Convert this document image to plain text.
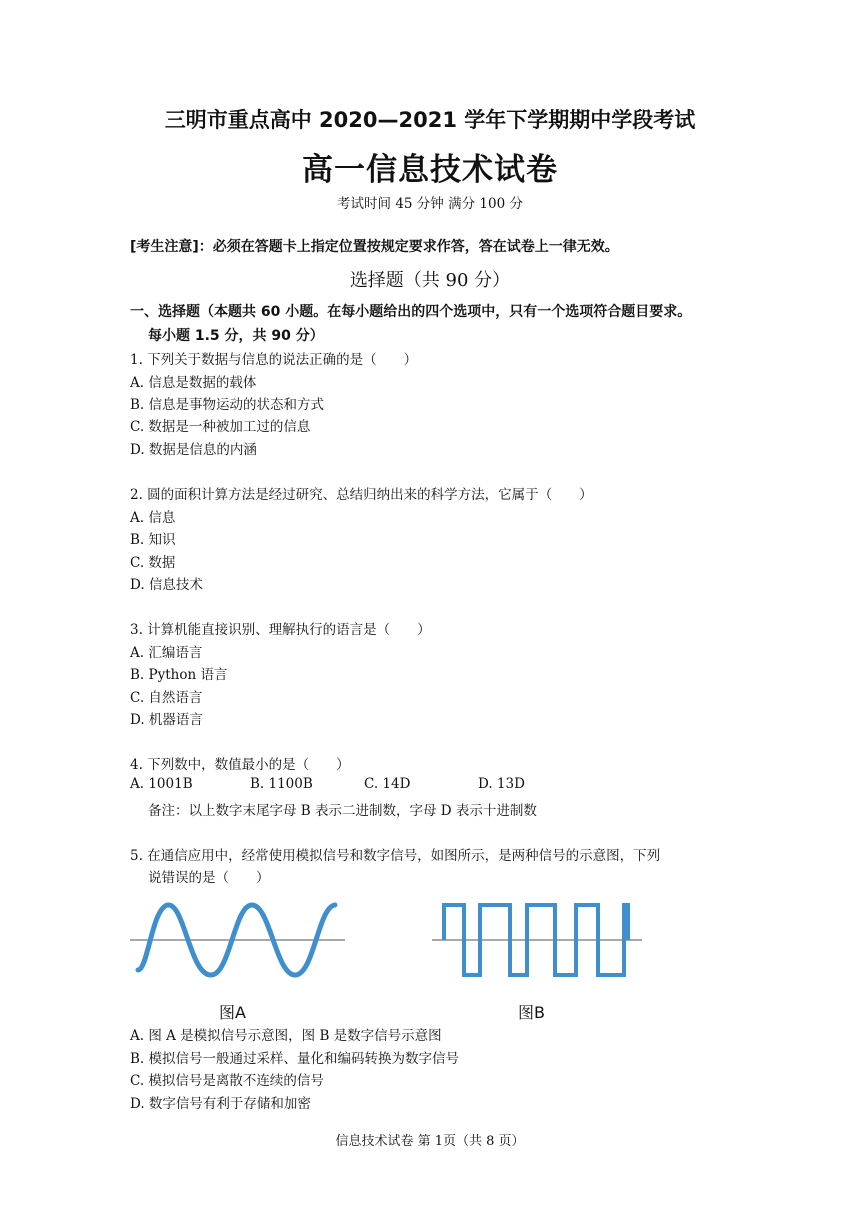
三明市重点高中 2020—2021 学年下学期期中学段考试
高一信息技术试卷
考试时间 45 分钟 满分 100 分
[考生注意]：必须在答题卡上指定位置按规定要求作答，答在试卷上一律无效。
选择题（共 90 分）
一、选择题（本题共 60 小题。在每小题给出的四个选项中，只有一个选项符合题目要求。
每小题 1.5 分，共 90 分）
1. 下列关于数据与信息的说法正确的是（　　）
A. 信息是数据的载体
B. 信息是事物运动的状态和方式
C. 数据是一种被加工过的信息
D. 数据是信息的内涵
2. 圆的面积计算方法是经过研究、总结归纳出来的科学方法，它属于（　　）
A. 信息
B. 知识
C. 数据
D. 信息技术
3. 计算机能直接识别、理解执行的语言是（　　）
A. 汇编语言
B. Python 语言
C. 自然语言
D. 机器语言
4. 下列数中，数值最小的是（　　）
A. 1001B	B. 1100B	C. 14D	D. 13D
备注：以上数字末尾字母 B 表示二进制数，字母 D 表示十进制数
5. 在通信应用中，经常使用模拟信号和数字信号，如图所示，是两种信号的示意图，下列
说错误的是（　　）
图A	图B
A. 图 A 是模拟信号示意图，图 B 是数字信号示意图
B. 模拟信号一般通过采样、量化和编码转换为数字信号
C. 模拟信号是离散不连续的信号
D. 数字信号有利于存储和加密
信息技术试卷 第 1页（共 8 页）
